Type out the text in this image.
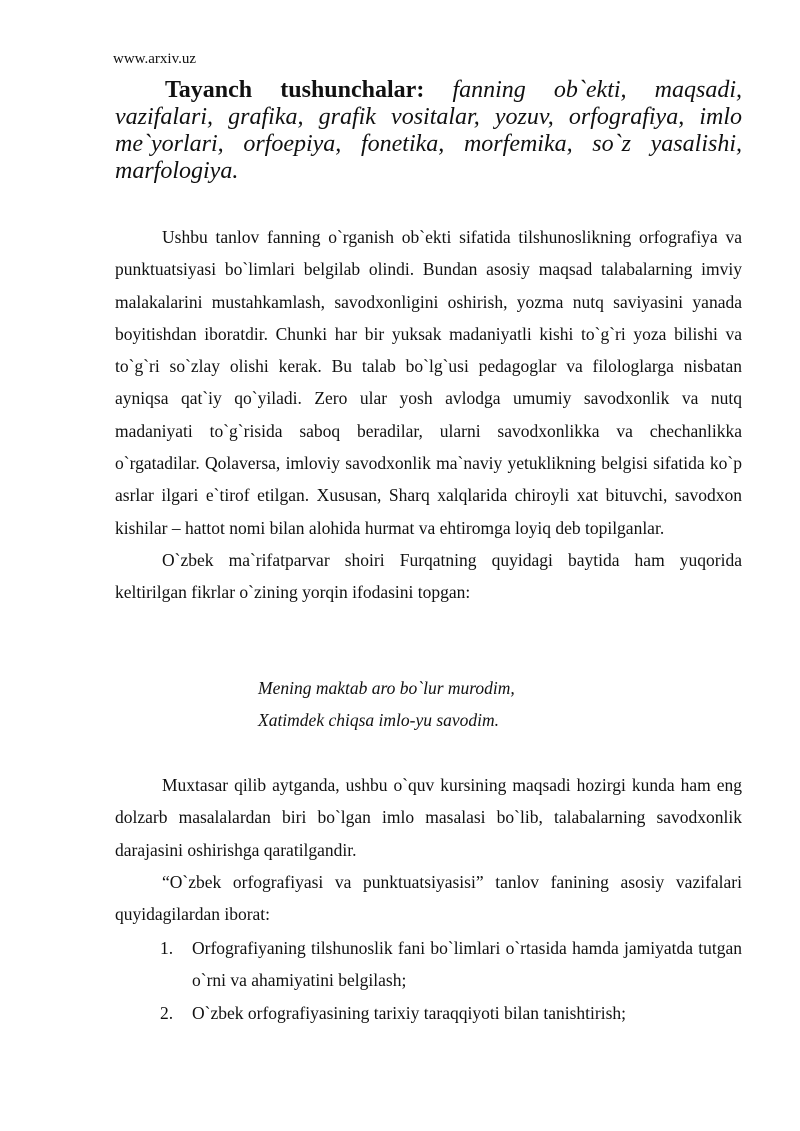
www.arxiv.uz
Tayanch tushunchalar: fanning ob`ekti, maqsadi, vazifalari, grafika, grafik vositalar, yozuv, orfografiya, imlo me`yorlari, orfoepiya, fonetika, morfemika, so`z yasalishi, marfologiya.

Ushbu tanlov fanning o`rganish ob`ekti sifatida tilshunoslikning orfografiya va punktuatsiyasi bo`limlari belgilab olindi. Bundan asosiy maqsad talabalarning imviy malakalarini mustahkamlash, savodxonligini oshirish, yozma nutq saviyasini yanada boyitishdan iboratdir. Chunki har bir yuksak madaniyatli kishi to`g`ri yoza bilishi va to`g`ri so`zlay olishi kerak. Bu talab bo`lg`usi pedagoglar va filologlarga nisbatan ayniqsa qat`iy qo`yiladi. Zero ular yosh avlodga umumiy savodxonlik va nutq madaniyati to`g`risida saboq beradilar, ularni savodxonlikka va chechanlikka o`rgatadilar. Qolaversa, imloviy savodxonlik ma`naviy yetuklikning belgisi sifatida ko`p asrlar ilgari e`tirof etilgan. Xususan, Sharq xalqlarida chiroyli xat bituvchi, savodxon kishilar – hattot nomi bilan alohida hurmat va ehtiromga loyiq deb topilganlar.

O`zbek ma`rifatparvar shoiri Furqatning quyidagi baytida ham yuqorida keltirilgan fikrlar o`zining yorqin ifodasini topgan:

Mening maktab aro bo`lur murodim,
Xatimdek chiqsa imlo-yu savodim.

Muxtasar qilib aytganda, ushbu o`quv kursining maqsadi hozirgi kunda ham eng dolzarb masalalardan biri bo`lgan imlo masalasi bo`lib, talabalarning savodxonlik darajasini oshirishga qaratilgandir.

“O`zbek orfografiyasi va punktuatsiyasisi” tanlov fanining asosiy vazifalari quyidagilardan iborat:

1. Orfografiyaning tilshunoslik fani bo`limlari o`rtasida hamda jamiyatda tutgan o`rni va ahamiyatini belgilash;
2. O`zbek orfografiyasining tarixiy taraqqiyoti bilan tanishtirish;
